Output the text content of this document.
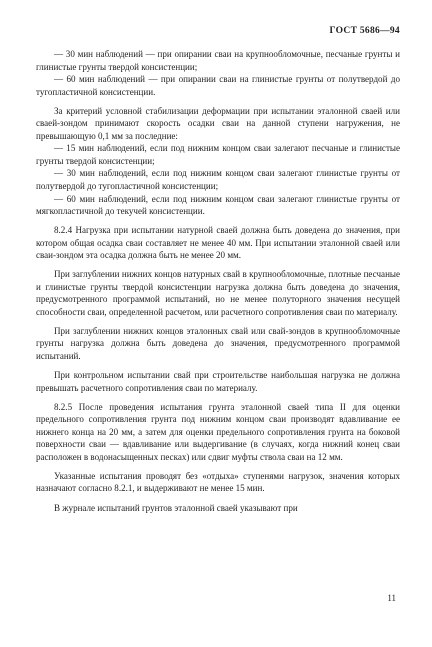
ГОСТ 5686—94

— 30 мин наблюдений — при опирании сваи на крупнообломочные, песчаные грунты и глинистые грунты твердой консистенции;

— 60 мин наблюдений — при опирании сваи на глинистые грунты от полутвердой до тугопластичной консистенции.

За критерий условной стабилизации деформации при испытании эталонной сваей или сваей-зондом принимают скорость осадки сваи на данной ступени нагружения, не превышающую 0,1 мм за последние:

— 15 мин наблюдений, если под нижним концом сваи залегают песчаные и глинистые грунты твердой консистенции;

— 30 мин наблюдений, если под нижним концом сваи залегают глинистые грунты от полутвердой до тугопластичной консистенции;

— 60 мин наблюдений, если под нижним концом сваи залегают глинистые грунты от мягкопластичной до текучей консистенции.

8.2.4 Нагрузка при испытании натурной сваей должна быть доведена до значения, при котором общая осадка сваи составляет не менее 40 мм. При испытании эталонной сваей или сваи-зондом эта осадка должна быть не менее 20 мм.

При заглублении нижних концов натурных свай в крупнообломочные, плотные песчаные и глинистые грунты твердой консистенции нагрузка должна быть доведена до значения, предусмотренного программой испытаний, но не менее полуторного значения несущей способности сваи, определенной расчетом, или расчетного сопротивления сваи по материалу.

При заглублении нижних концов эталонных свай или свай-зондов в крупнообломочные грунты нагрузка должна быть доведена до значения, предусмотренного программой испытаний.

При контрольном испытании свай при строительстве наибольшая нагрузка не должна превышать расчетного сопротивления сваи по материалу.

8.2.5 После проведения испытания грунта эталонной сваей типа II для оценки предельного сопротивления грунта под нижним концом сваи производят вдавливание ее нижнего конца на 20 мм, а затем для оценки предельного сопротивления грунта на боковой поверхности сваи — вдавливание или выдергивание (в случаях, когда нижний конец сваи расположен в водонасыщенных песках) или сдвиг муфты ствола сваи на 12 мм.

Указанные испытания проводят без «отдыха» ступенями нагрузок, значения которых назначают согласно 8.2.1, и выдерживают не менее 15 мин.

В журнале испытаний грунтов эталонной сваей указывают при

11
